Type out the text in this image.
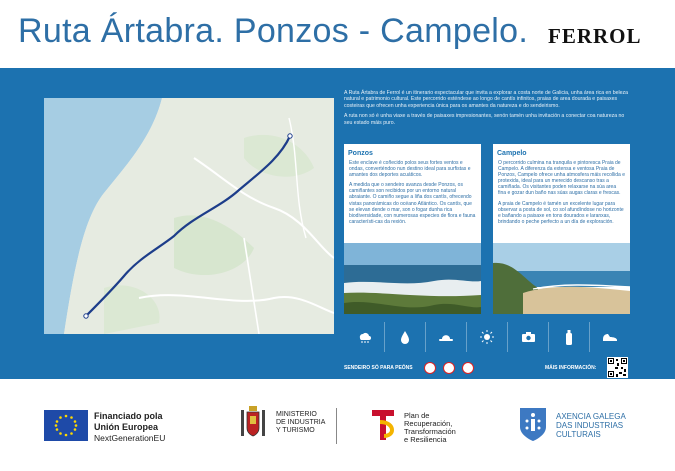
Ruta Ártabra. Ponzos - Campelo. FERROL

A Ruta Ártabra de Ferrol é un itinerario espectacular que invita a explorar a costa norte de Galicia, unha área rica en beleza natural e patrimonio cultural. Este percorrido esténdese ao longo de cantís infinitos, praias de area dourada e paisaxes costeiras que ofrecen unha experiencia única para os amantes da natureza e do sendeirismo.

A ruta non só é unha viaxe a través de paisaxes impresionantes, senón tamén unha invitación a conectar coa natureza no seu estado máis puro.

Ponzos

Este enclave é coñecido polos seus fortes ventos e ondas, converténdoo nun destino ideal para surfistas e amantes dos deportes acuáticos.

A medida que o sendeiro avanza desde Ponzos, os camiñantes son recibidos por un entorno natural abraiante. O camiño segue a liña dos cantís, ofrecendo vistas panorámicas do océano Atlántico. Os cantís, que se elevan dende o mar, son o fogar dunha rica biodiversidade, con numerosas especies de flora e fauna característi-cas da rexión.

Campelo

O percorrido culmina na tranquila e pintoresca Praia de Campelo. A diferenza da extensa e ventosa Praia de Ponzos, Campelo ofrece unha atmosfera máis recollida e protexida, ideal para un merecido descanso tras a camiñada. Os visitantes poden relaxarse na súa area fina e gozar dun baño nas súas augas claras e frescas.

A praia de Campelo é tamén un excelente lugar para observar a posta de sol, co sol afundíndose no horizonte e bañando a paisaxe en tons dourados e laranxas, brindando o peche perfecto a un día de exploración.

SENDEIRO SÓ PARA PEÓNS	MÁIS INFORMACIÓN:
Financiado pola
Unión Europea
NextGenerationEU
MINISTERIO
DE INDUSTRIA
Y TURISMO
Plan de
Recuperación,
Transformación
e Resiliencia
AXENCIA GALEGA
DAS INDUSTRIAS
CULTURAIS
